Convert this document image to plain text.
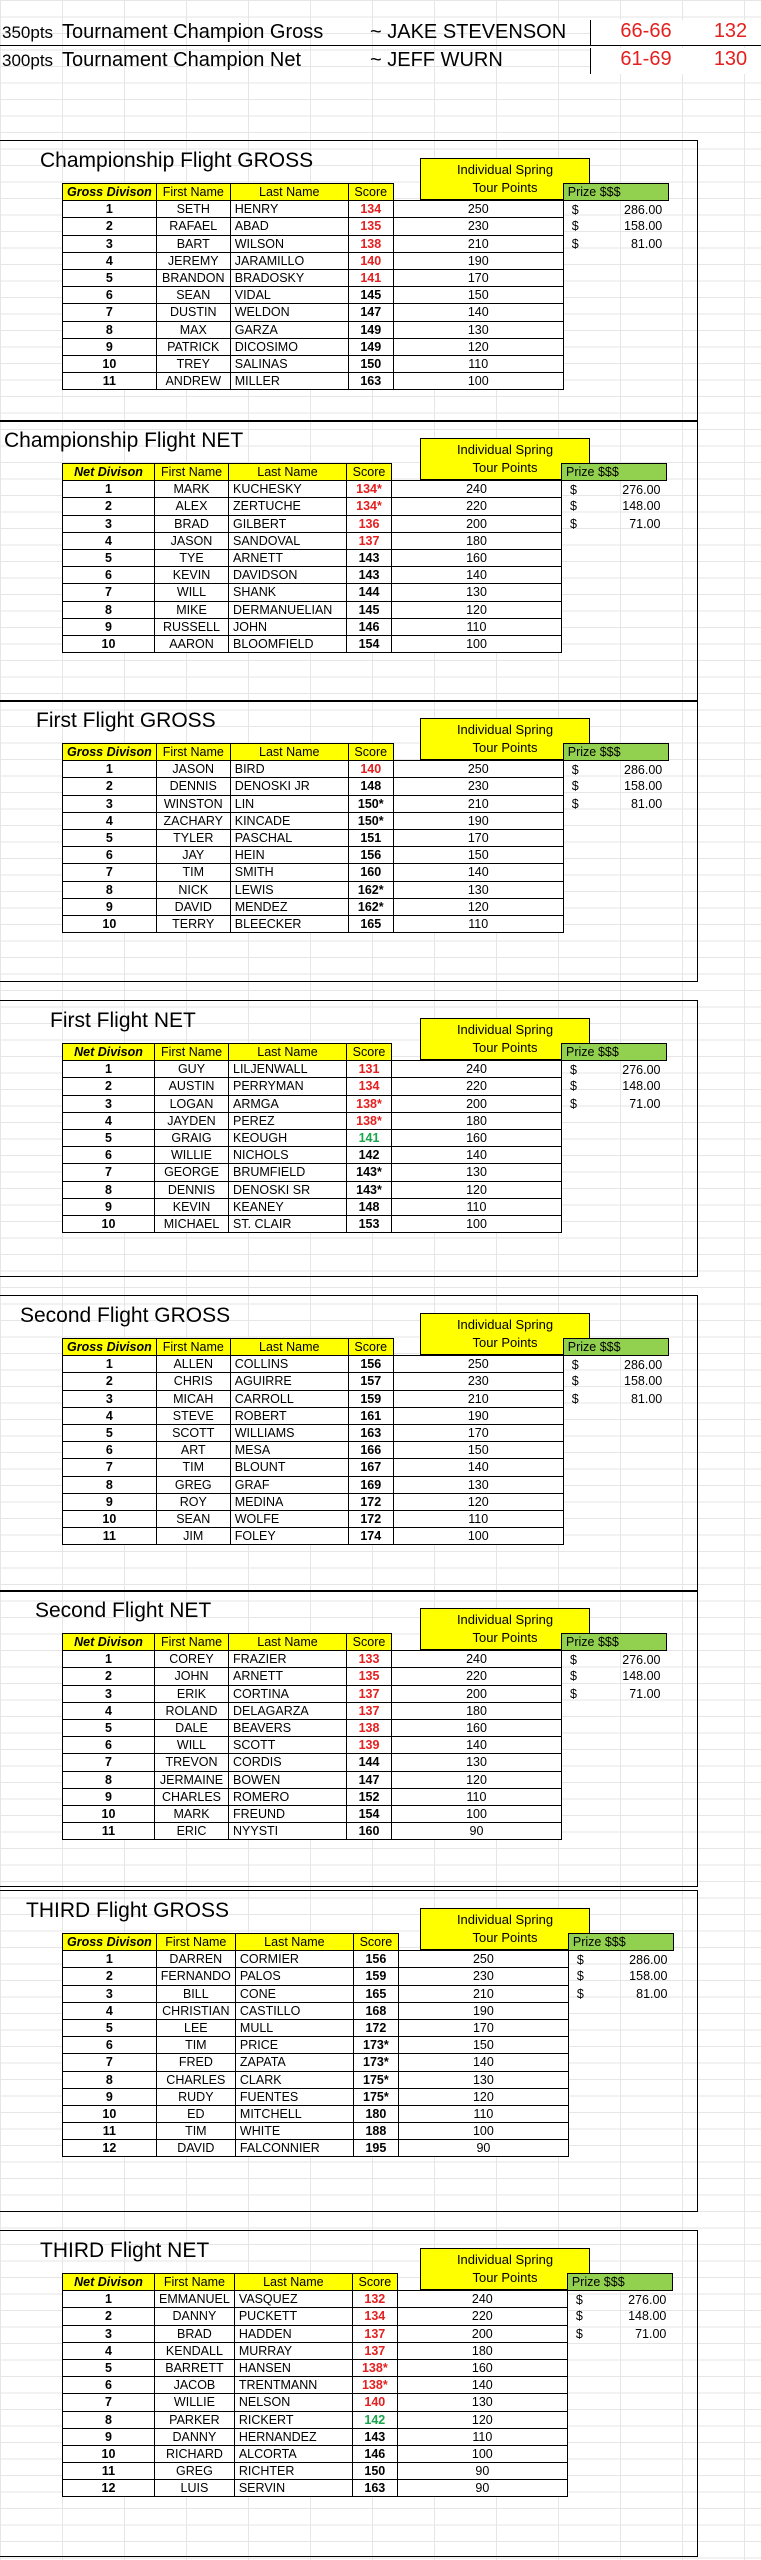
350pts Tournament Champion Gross ~ JAKE STEVENSON	66-66	132
300pts Tournament Champion Net	~ JEFF WURN	61-69	130
Championship Flight GROSS	Individual Spring
Tour Points
Gross Divison	First Name	Last Name	Score		Prize $$$
1	SETH	HENRY	134	250	$ 286.00

2	RAFAEL	ABAD	135	230	$ 158.00

3	BART	WILSON	138	210	$ 81.00

4	JEREMY	JARAMILLO	140	190	
5	BRANDON	BRADOSKY	141	170	
6	SEAN	VIDAL	145	150	
7	DUSTIN	WELDON	147	140	
8	MAX	GARZA	149	130	
9	PATRICK	DICOSIMO	149	120	
10	TREY	SALINAS	150	110	
11	ANDREW	MILLER	163	100	
Championship Flight NET	Individual Spring
Tour Points
Net Divison	First Name	Last Name	Score		Prize $$$
1	MARK	KUCHESKY	134*	240	$ 276.00

2	ALEX	ZERTUCHE	134*	220	$ 148.00

3	BRAD	GILBERT	136	200	$ 71.00

4	JASON	SANDOVAL	137	180	
5	TYE	ARNETT	143	160	
6	KEVIN	DAVIDSON	143	140	
7	WILL	SHANK	144	130	
8	MIKE	DERMANUELIAN	145	120	
9	RUSSELL	JOHN	146	110	
10	AARON	BLOOMFIELD	154	100	
First Flight GROSS	Individual Spring
Tour Points
Gross Divison	First Name	Last Name	Score		Prize $$$
1	JASON	BIRD	140	250	$ 286.00

2	DENNIS	DENOSKI JR	148	230	$ 158.00

3	WINSTON	LIN	150*	210	$ 81.00

4	ZACHARY	KINCADE	150*	190	
5	TYLER	PASCHAL	151	170	
6	JAY	HEIN	156	150	
7	TIM	SMITH	160	140	
8	NICK	LEWIS	162*	130	
9	DAVID	MENDEZ	162*	120	
10	TERRY	BLEECKER	165	110	
First Flight NET	Individual Spring
Tour Points
Net Divison	First Name	Last Name	Score		Prize $$$
1	GUY	LILJENWALL	131	240	$ 276.00

2	AUSTIN	PERRYMAN	134	220	$ 148.00

3	LOGAN	ARMGA	138*	200	$ 71.00

4	JAYDEN	PEREZ	138*	180	
5	GRAIG	KEOUGH	141	160	
6	WILLIE	NICHOLS	142	140	
7	GEORGE	BRUMFIELD	143*	130	
8	DENNIS	DENOSKI SR	143*	120	
9	KEVIN	KEANEY	148	110	
10	MICHAEL	ST. CLAIR	153	100	
Second Flight GROSS	Individual Spring
Tour Points
Gross Divison	First Name	Last Name	Score		Prize $$$
1	ALLEN	COLLINS	156	250	$ 286.00

2	CHRIS	AGUIRRE	157	230	$ 158.00

3	MICAH	CARROLL	159	210	$ 81.00

4	STEVE	ROBERT	161	190	
5	SCOTT	WILLIAMS	163	170	
6	ART	MESA	166	150	
7	TIM	BLOUNT	167	140	
8	GREG	GRAF	169	130	
9	ROY	MEDINA	172	120	
10	SEAN	WOLFE	172	110	
11	JIM	FOLEY	174	100	
Second Flight NET	Individual Spring
Tour Points
Net Divison	First Name	Last Name	Score		Prize $$$
1	COREY	FRAZIER	133	240	$ 276.00

2	JOHN	ARNETT	135	220	$ 148.00

3	ERIK	CORTINA	137	200	$ 71.00

4	ROLAND	DELAGARZA	137	180	
5	DALE	BEAVERS	138	160	
6	WILL	SCOTT	139	140	
7	TREVON	CORDIS	144	130	
8	JERMAINE	BOWEN	147	120	
9	CHARLES	ROMERO	152	110	
10	MARK	FREUND	154	100	
11	ERIC	NYYSTI	160	90	
THIRD Flight GROSS	Individual Spring
Tour Points
Gross Divison	First Name	Last Name	Score		Prize $$$
1	DARREN	CORMIER	156	250	$ 286.00

2	FERNANDO	PALOS	159	230	$ 158.00

3	BILL	CONE	165	210	$ 81.00

4	CHRISTIAN	CASTILLO	168	190	
5	LEE	MULL	172	170	
6	TIM	PRICE	173*	150	
7	FRED	ZAPATA	173*	140	
8	CHARLES	CLARK	175*	130	
9	RUDY	FUENTES	175*	120	
10	ED	MITCHELL	180	110	
11	TIM	WHITE	188	100	
12	DAVID	FALCONNIER	195	90	
THIRD Flight NET	Individual Spring
Tour Points
Net Divison	First Name	Last Name	Score		Prize $$$
1	EMMANUEL	VASQUEZ	132	240	$ 276.00

2	DANNY	PUCKETT	134	220	$ 148.00

3	BRAD	HADDEN	137	200	$ 71.00

4	KENDALL	MURRAY	137	180	
5	BARRETT	HANSEN	138*	160	
6	JACOB	TRENTMANN	138*	140	
7	WILLIE	NELSON	140	130	
8	PARKER	RICKERT	142	120	
9	DANNY	HERNANDEZ	143	110	
10	RICHARD	ALCORTA	146	100	
11	GREG	RICHTER	150	90	
12	LUIS	SERVIN	163	90	
